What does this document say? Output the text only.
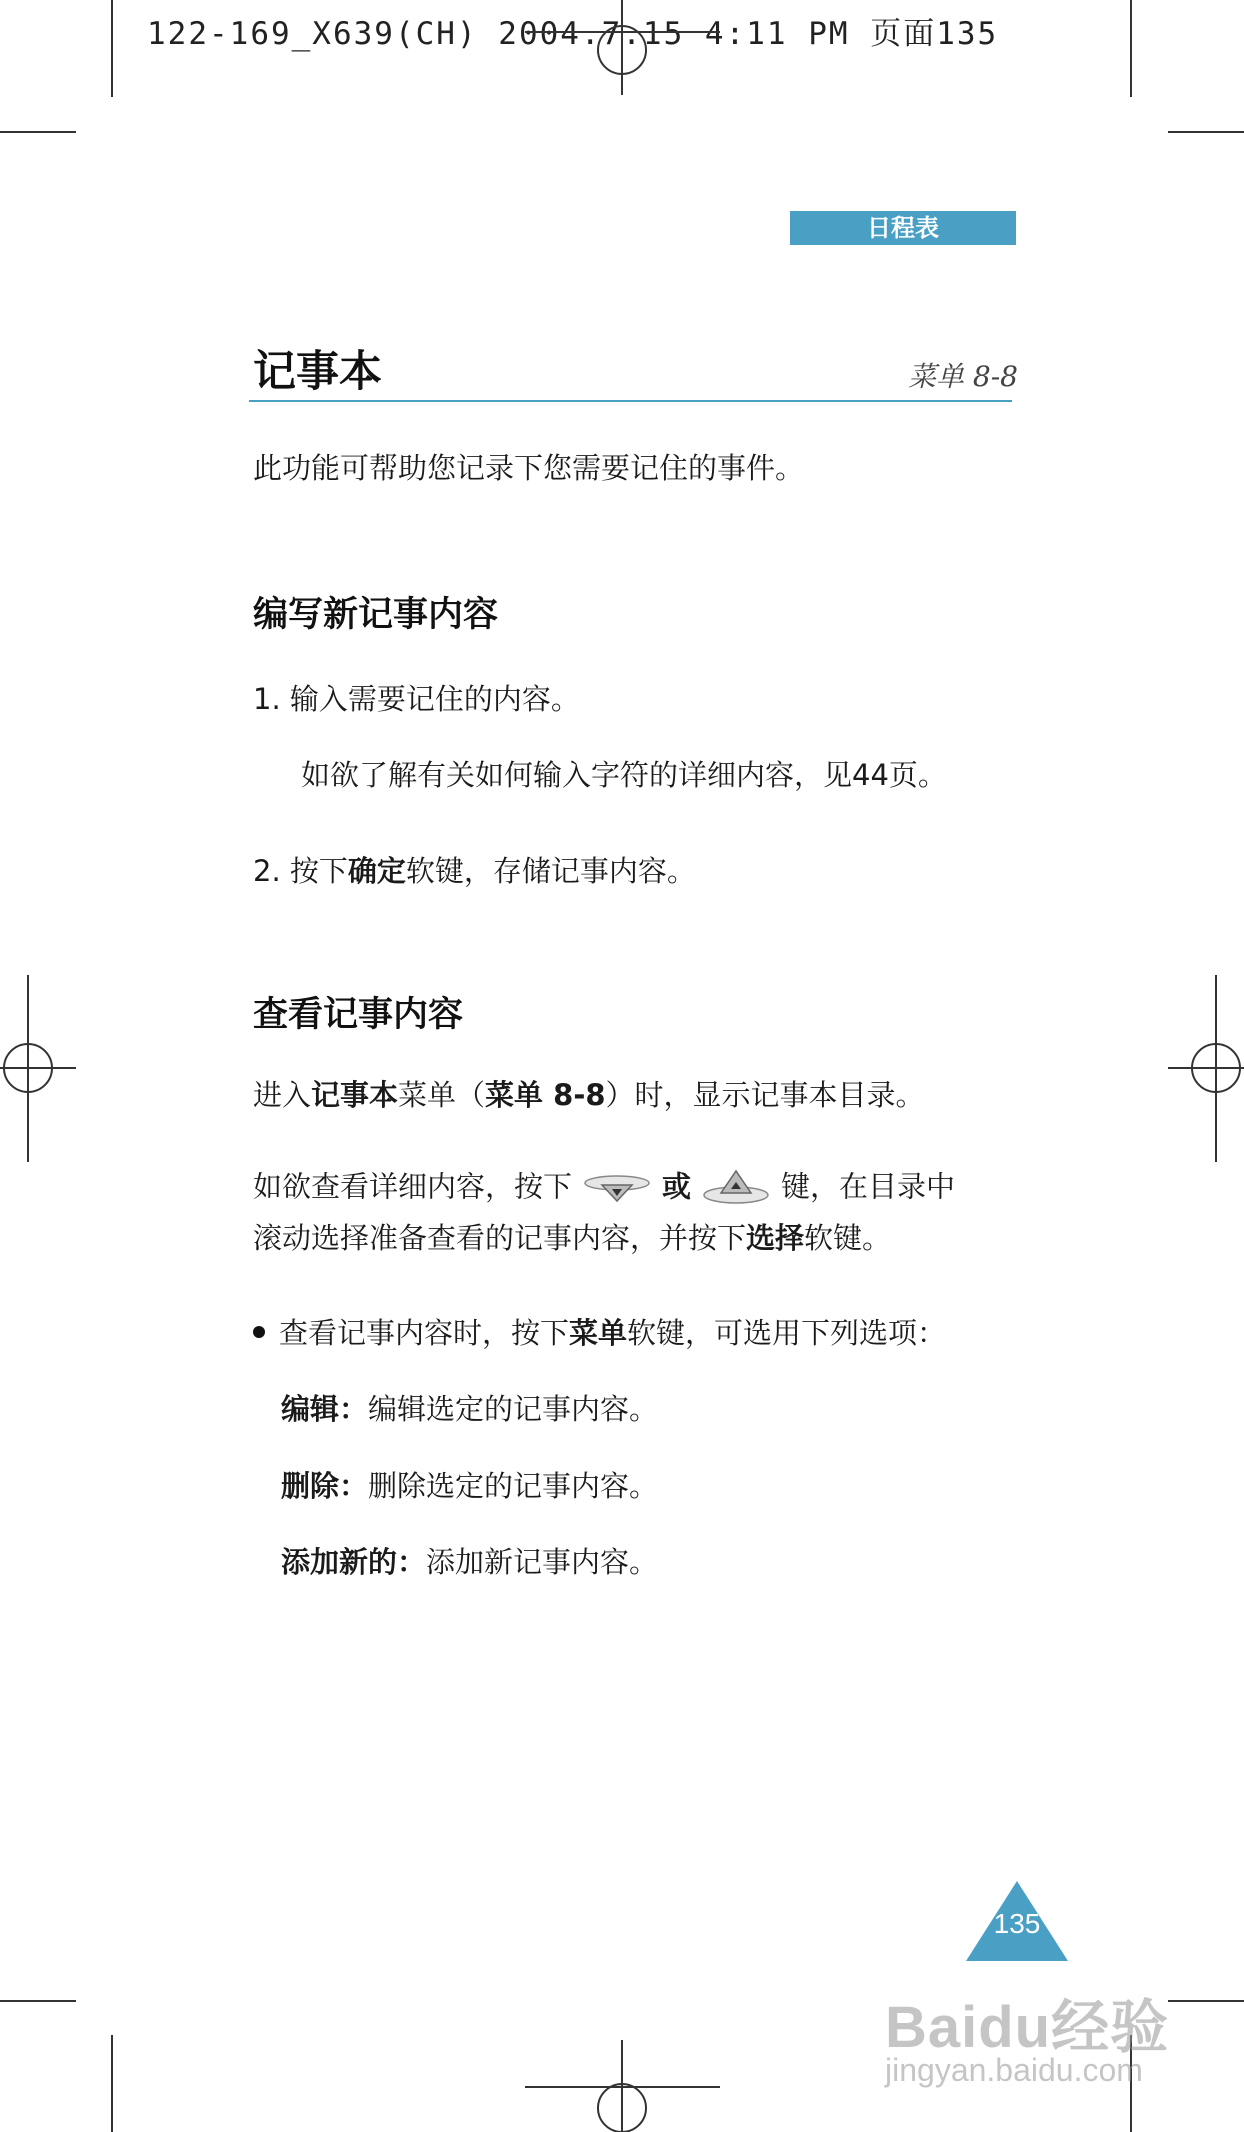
122-169_X639(CH) 2004.7.15 4:11 PM 页面135
日程表
记事本	菜单 8-8
此功能可帮助您记录下您需要记住的事件。
编写新记事内容
1. 输入需要记住的内容。
如欲了解有关如何输入字符的详细内容，见44页。
2. 按下确定软键，存储记事内容。
查看记事内容
进入记事本菜单（菜单 8-8）时，显示记事本目录。
如欲查看详细内容，按下	或	键，在目录中
滚动选择准备查看的记事内容，并按下选择软键。
查看记事内容时，按下菜单软键，可选用下列选项：
编辑：编辑选定的记事内容。
删除：删除选定的记事内容。
添加新的：添加新记事内容。
135
Baidu经验
jingyan.baidu.com
